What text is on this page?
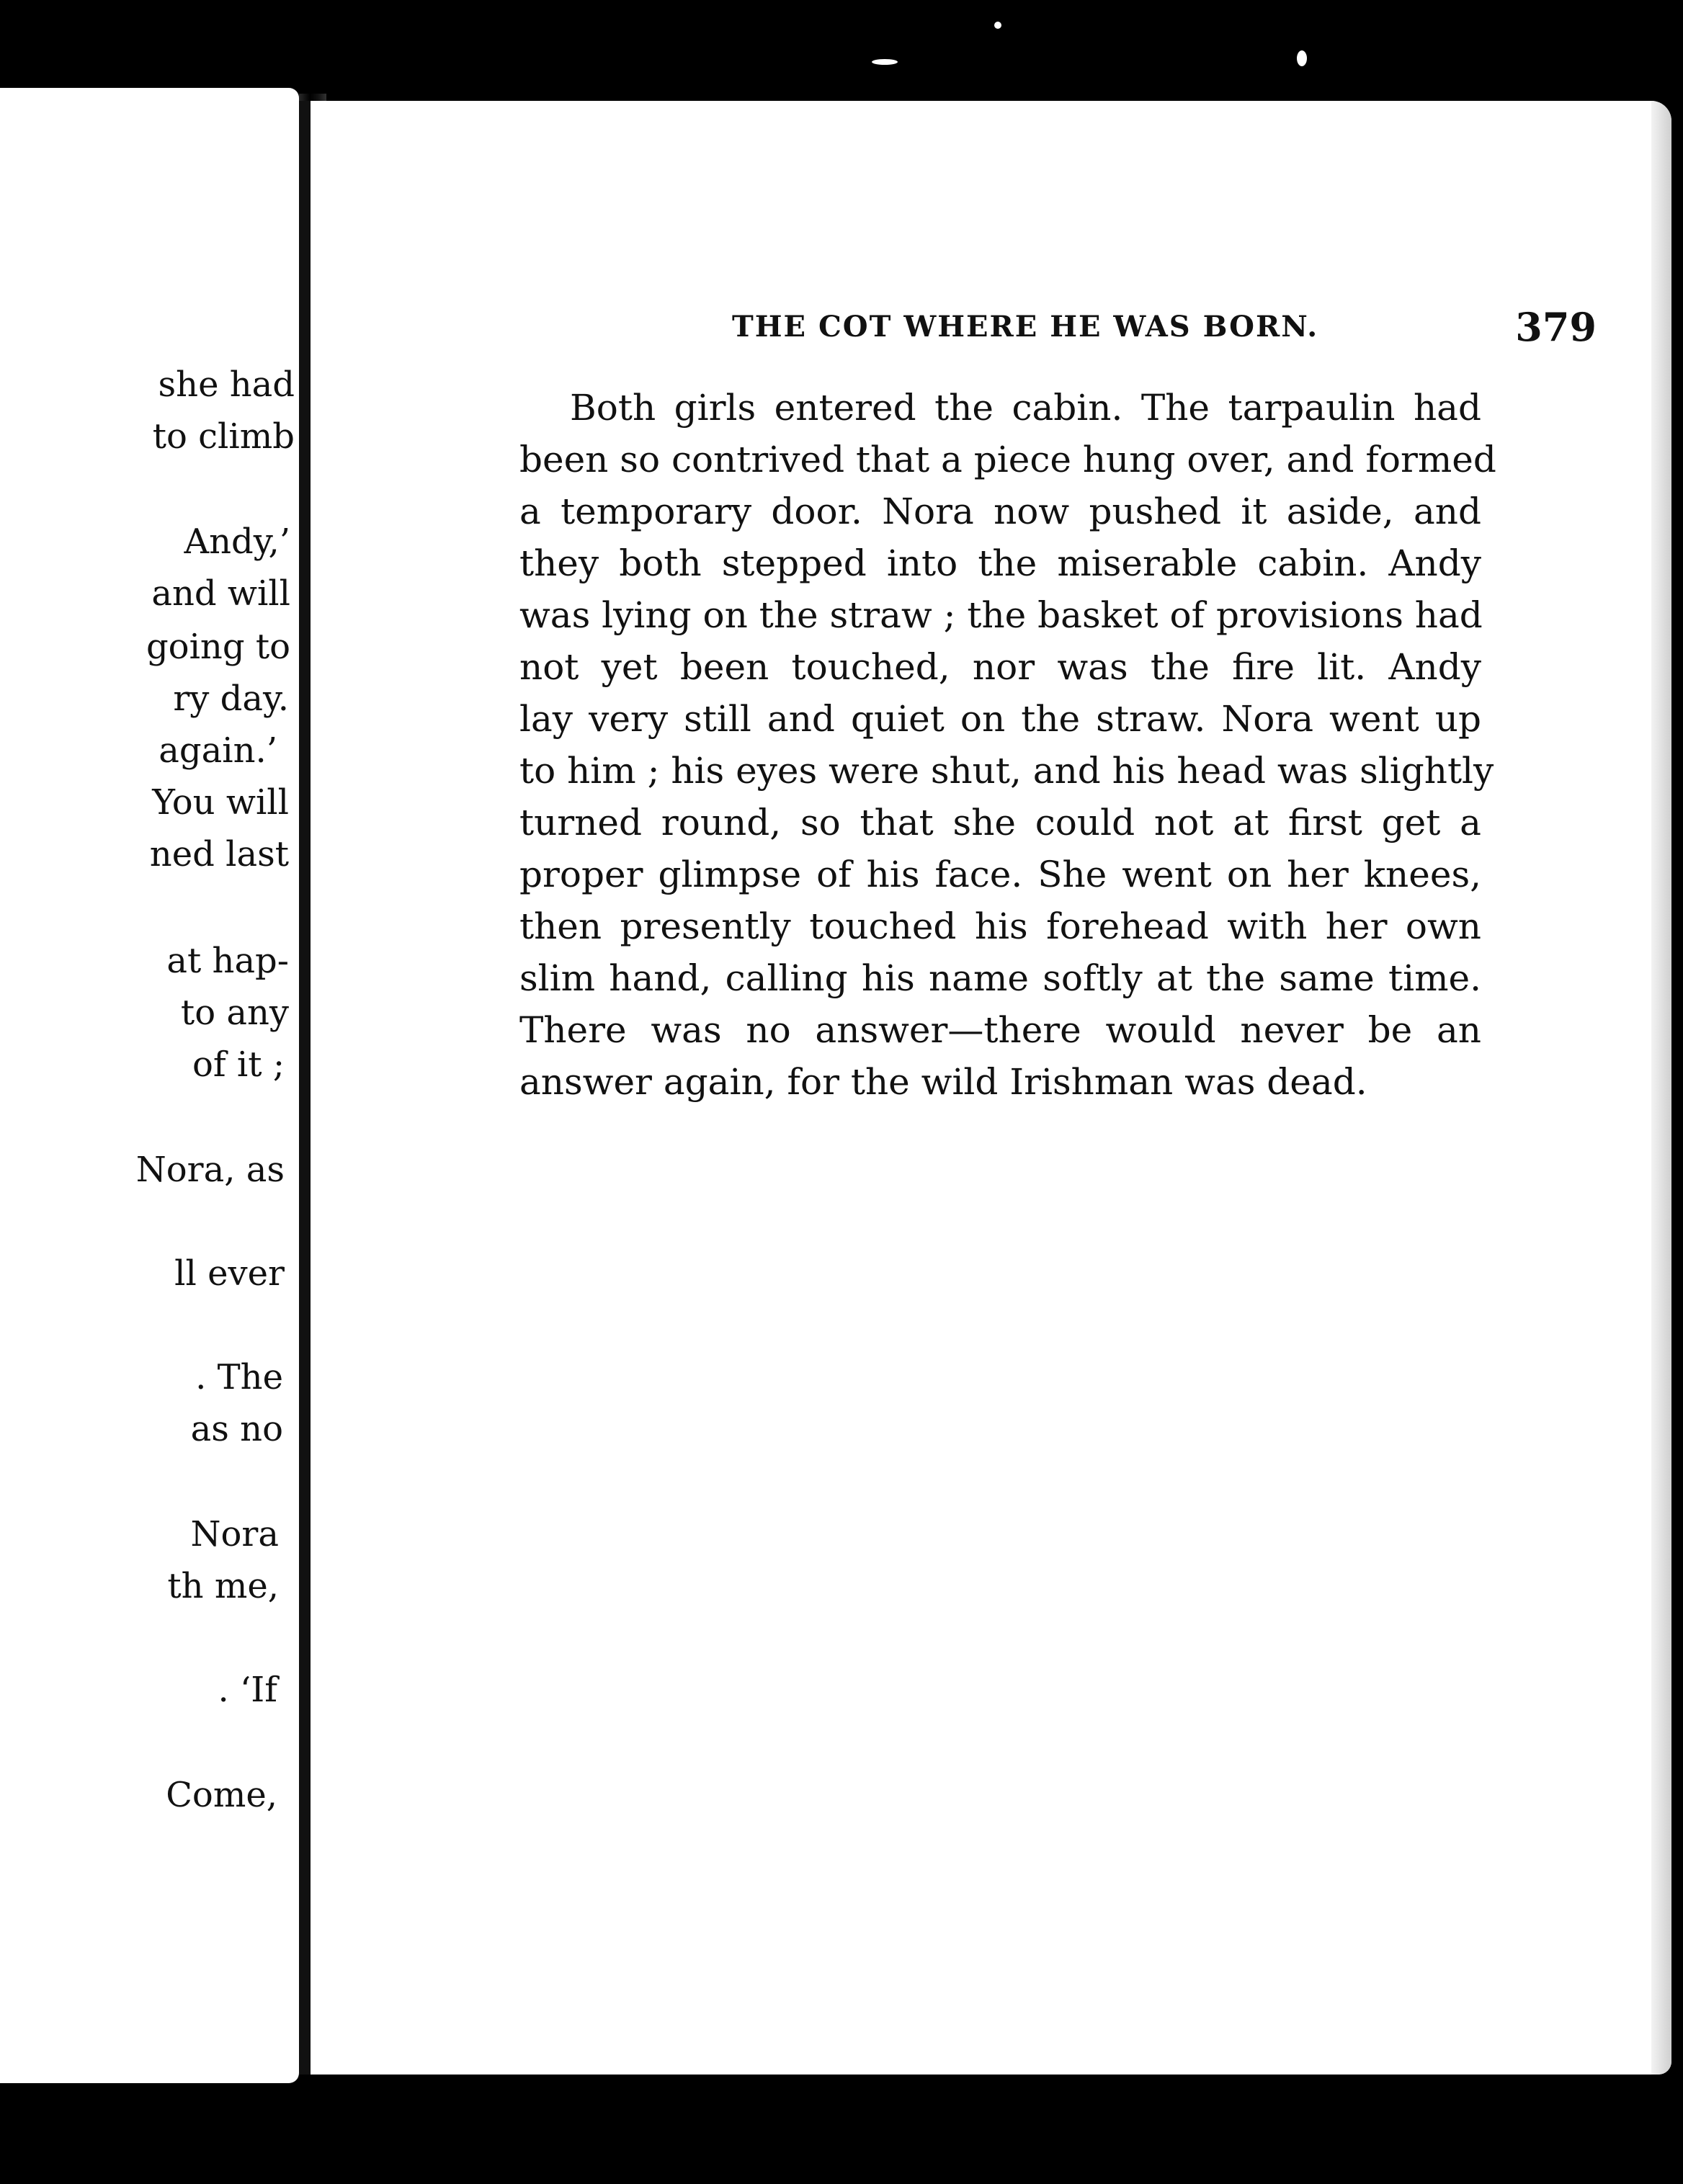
she had
to climb
Andy,’
and will
going to
ry day.
again.’
You will
ned last
at hap-
to any
of it ;
Nora, as
ll ever
. The
as no
Nora
th me,
. ‘If
Come,
THE COT WHERE HE WAS BORN.	379
Both girls entered the cabin. The tarpaulin had
been so contrived that a piece hung over, and formed
a temporary door. Nora now pushed it aside, and
they both stepped into the miserable cabin. Andy
was lying on the straw ; the basket of provisions had
not yet been touched, nor was the fire lit. Andy
lay very still and quiet on the straw. Nora went up
to him ; his eyes were shut, and his head was slightly
turned round, so that she could not at first get a
proper glimpse of his face. She went on her knees,
then presently touched his forehead with her own
slim hand, calling his name softly at the same time.
There was no answer—there would never be an
answer again, for the wild Irishman was dead.
